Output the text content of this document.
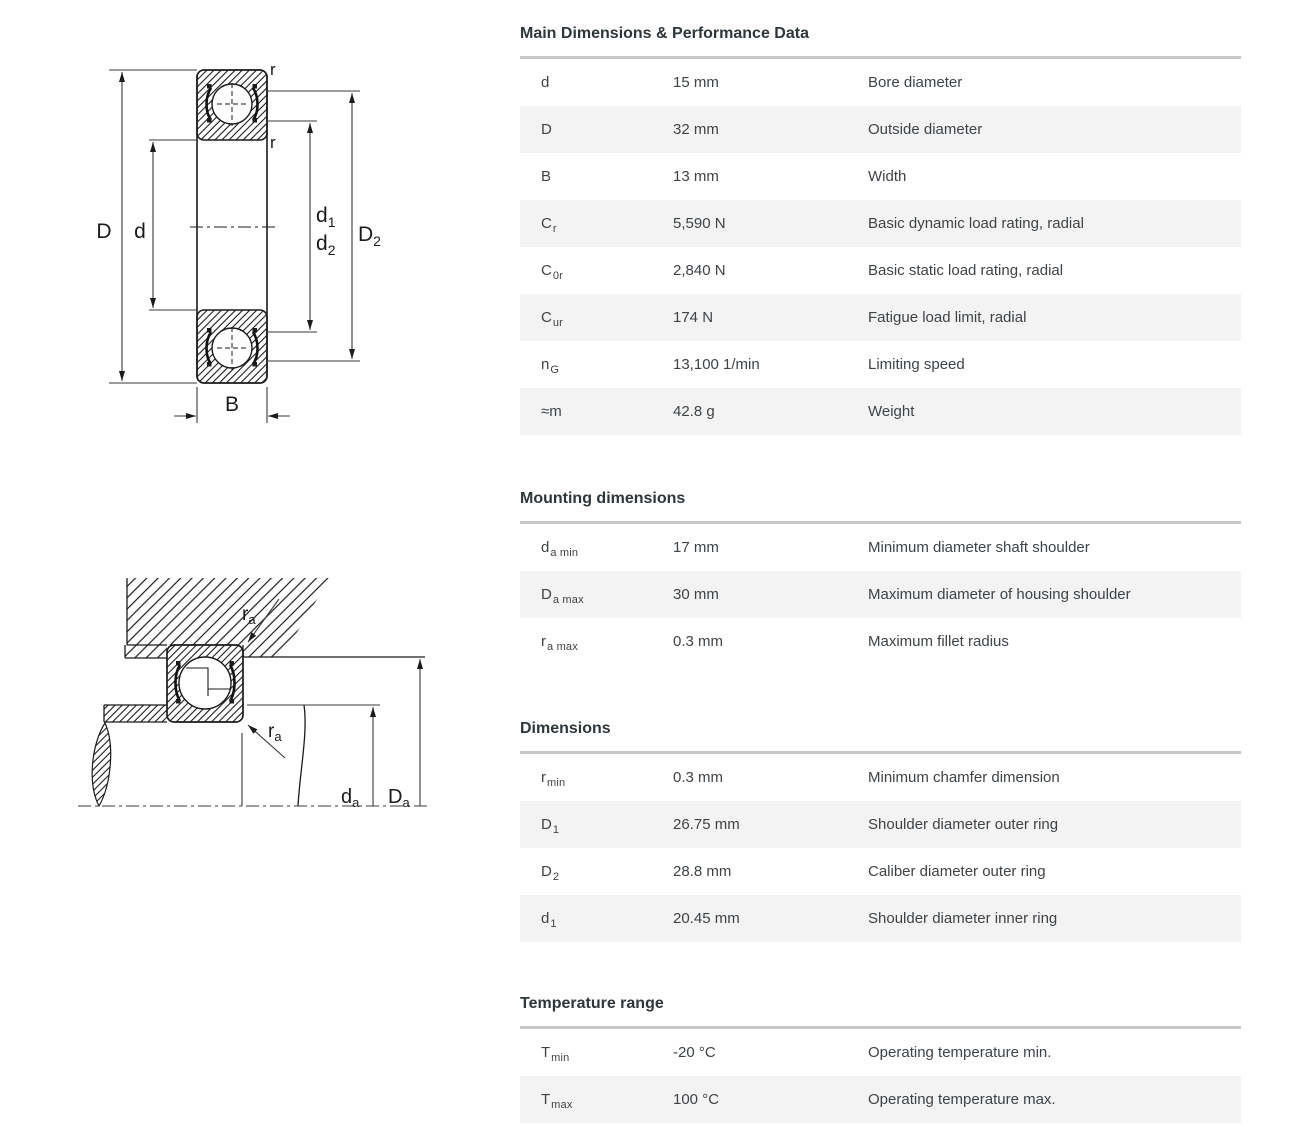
D d
$d_1$
$d_2$
$D_2$
r
r
B
$r_a$
$r_a$
$d_a$ $D_a$
Main Dimensions & Performance Data
d	15 mm	Bore diameter
D	32 mm	Outside diameter
B	13 mm	Width
$C_r$	5,590 N	Basic dynamic load rating, radial
$C_{0r}$	2,840 N	Basic static load rating, radial
$C_{ur}$	174 N	Fatigue load limit, radial
$n_G$	13,100 1/min	Limiting speed
≈m	42.8 g	Weight
Mounting dimensions
$d_{a min}$	17 mm	Minimum diameter shaft shoulder
$D_{a max}$	30 mm	Maximum diameter of housing shoulder
$r_{a max}$	0.3 mm	Maximum fillet radius
Dimensions
$r_{min}$	0.3 mm	Minimum chamfer dimension
$D_1$	26.75 mm	Shoulder diameter outer ring
$D_2$	28.8 mm	Caliber diameter outer ring
$d_1$	20.45 mm	Shoulder diameter inner ring
Temperature range
$T_{min}$	-20 °C	Operating temperature min.
$T_{max}$	100 °C	Operating temperature max.
